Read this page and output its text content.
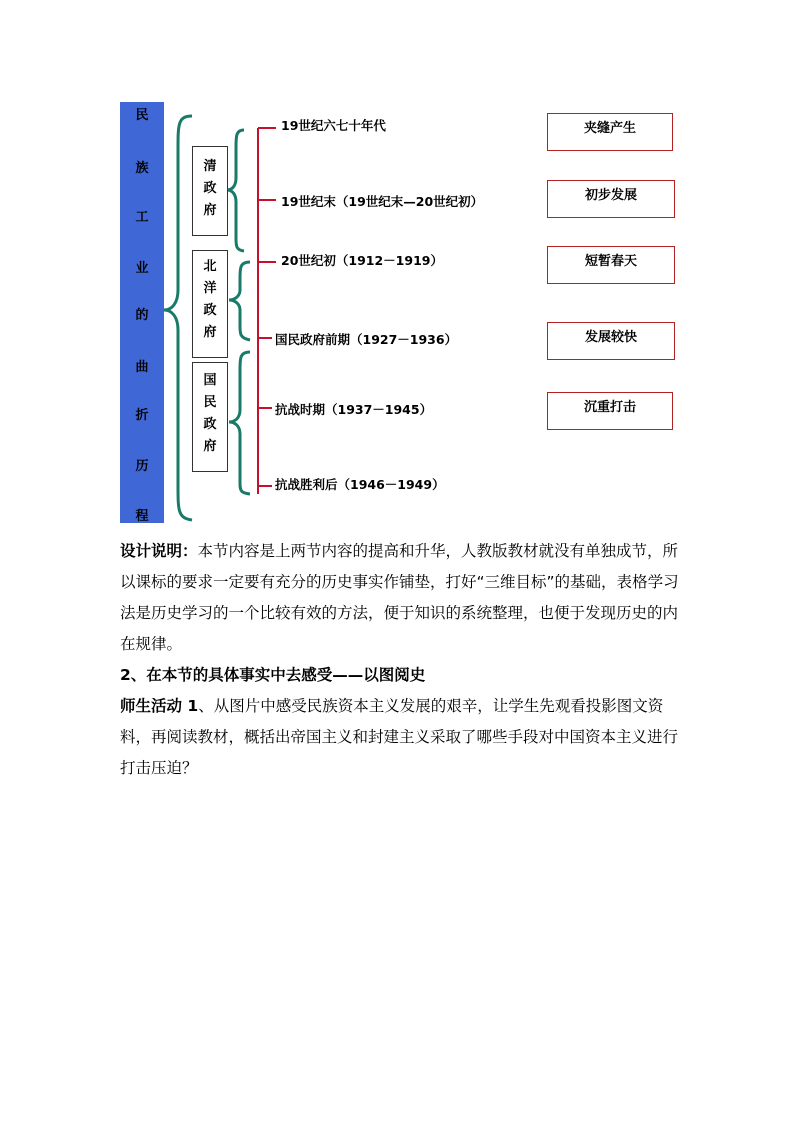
民
族
工
业
的
曲
折
历
程
清
政
府
北
洋
政
府
国
民
政
府
19世纪六七十年代
19世纪末（19世纪末—20世纪初）
20世纪初（1912－1919）
国民政府前期（1927－1936）
抗战时期（1937－1945）
抗战胜利后（1946－1949）
夹缝产生
初步发展
短暂春天
发展较快
沉重打击
设计说明：本节内容是上两节内容的提高和升华，人教版教材就没有单独成节，所以课标的要求一定要有充分的历史事实作铺垫，打好“三维目标”的基础，表格学习法是历史学习的一个比较有效的方法，便于知识的系统整理，也便于发现历史的内在规律。
2、在本节的具体事实中去感受——以图阅史
师生活动 1、从图片中感受民族资本主义发展的艰辛，让学生先观看投影图文资料，再阅读教材，概括出帝国主义和封建主义采取了哪些手段对中国资本主义进行打击压迫？
